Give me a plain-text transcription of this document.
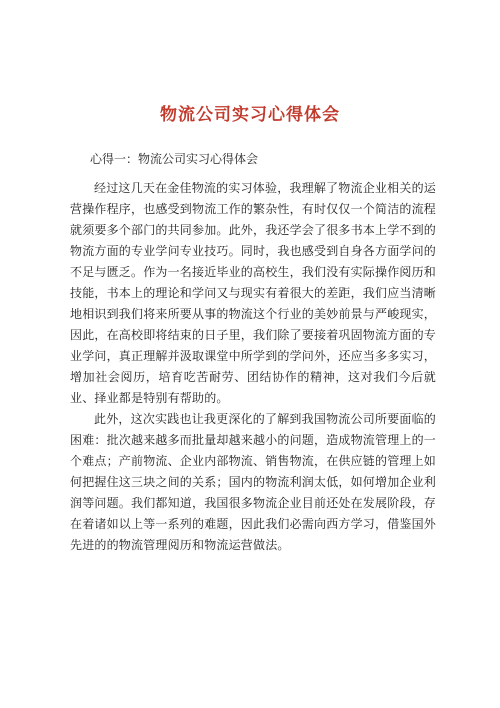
物流公司实习心得体会

心得一：物流公司实习心得体会

经过这几天在金佳物流的实习体验，我理解了物流企业相关的运营操作程序，也感受到物流工作的繁杂性，有时仅仅一个简洁的流程就须要多个部门的共同参加。此外，我还学会了很多书本上学不到的物流方面的专业学问专业技巧。同时，我也感受到自身各方面学问的不足与匮乏。作为一名接近毕业的高校生，我们没有实际操作阅历和技能，书本上的理论和学问又与现实有着很大的差距，我们应当清晰地相识到我们将来所要从事的物流这个行业的美妙前景与严峻现实，因此，在高校即将结束的日子里，我们除了要接着巩固物流方面的专业学问，真正理解并汲取课堂中所学到的学问外，还应当多多实习，增加社会阅历，培育吃苦耐劳、团结协作的精神，这对我们今后就业、择业都是特别有帮助的。

此外，这次实践也让我更深化的了解到我国物流公司所要面临的困难：批次越来越多而批量却越来越小的问题，造成物流管理上的一个难点；产前物流、企业内部物流、销售物流，在供应链的管理上如何把握住这三块之间的关系；国内的物流利润太低，如何增加企业利润等问题。我们都知道，我国很多物流企业目前还处在发展阶段，存在着诸如以上等一系列的难题，因此我们必需向西方学习，借鉴国外先进的的物流管理阅历和物流运营做法。
